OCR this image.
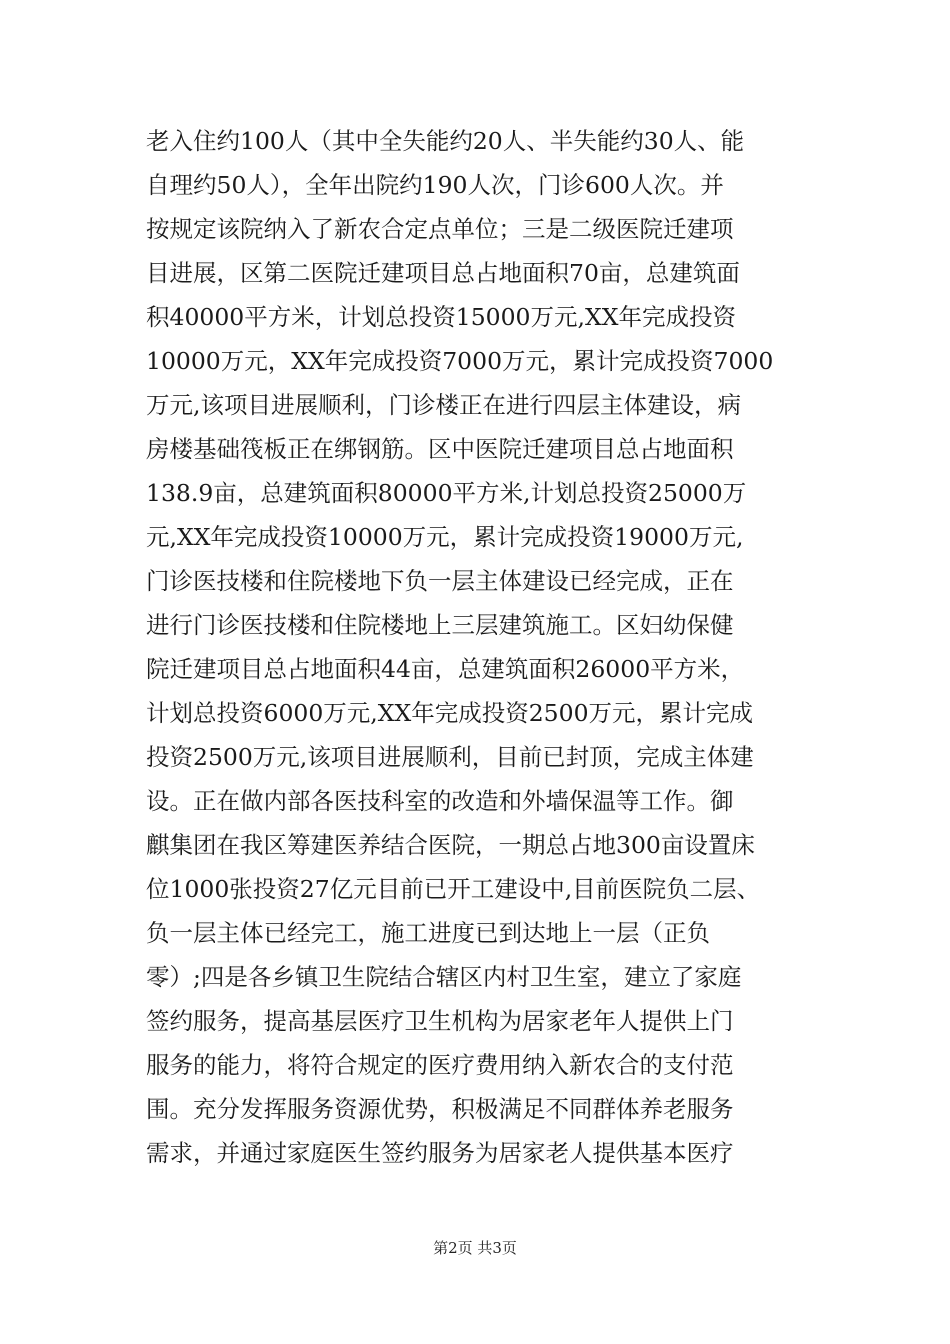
老入住约100人（其中全失能约20人、半失能约30人、能
自理约50人），全年出院约190人次，门诊600人次。并
按规定该院纳入了新农合定点单位；三是二级医院迁建项
目进展，区第二医院迁建项目总占地面积70亩，总建筑面
积40000平方米，计划总投资15000万元,XX年完成投资
10000万元，XX年完成投资7000万元，累计完成投资7000
万元,该项目进展顺利，门诊楼正在进行四层主体建设，病
房楼基础筏板正在绑钢筋。区中医院迁建项目总占地面积
138.9亩，总建筑面积80000平方米,计划总投资25000万
元,XX年完成投资10000万元，累计完成投资19000万元,
门诊医技楼和住院楼地下负一层主体建设已经完成，正在
进行门诊医技楼和住院楼地上三层建筑施工。区妇幼保健
院迁建项目总占地面积44亩，总建筑面积26000平方米，
计划总投资6000万元,XX年完成投资2500万元，累计完成
投资2500万元,该项目进展顺利，目前已封顶，完成主体建
设。正在做内部各医技科室的改造和外墙保温等工作。御
麒集团在我区筹建医养结合医院，一期总占地300亩设置床
位1000张投资27亿元目前已开工建设中,目前医院负二层、
负一层主体已经完工，施工进度已到达地上一层（正负
零）;四是各乡镇卫生院结合辖区内村卫生室，建立了家庭
签约服务，提高基层医疗卫生机构为居家老年人提供上门
服务的能力，将符合规定的医疗费用纳入新农合的支付范
围。充分发挥服务资源优势，积极满足不同群体养老服务
需求，并通过家庭医生签约服务为居家老人提供基本医疗
第2页 共3页
